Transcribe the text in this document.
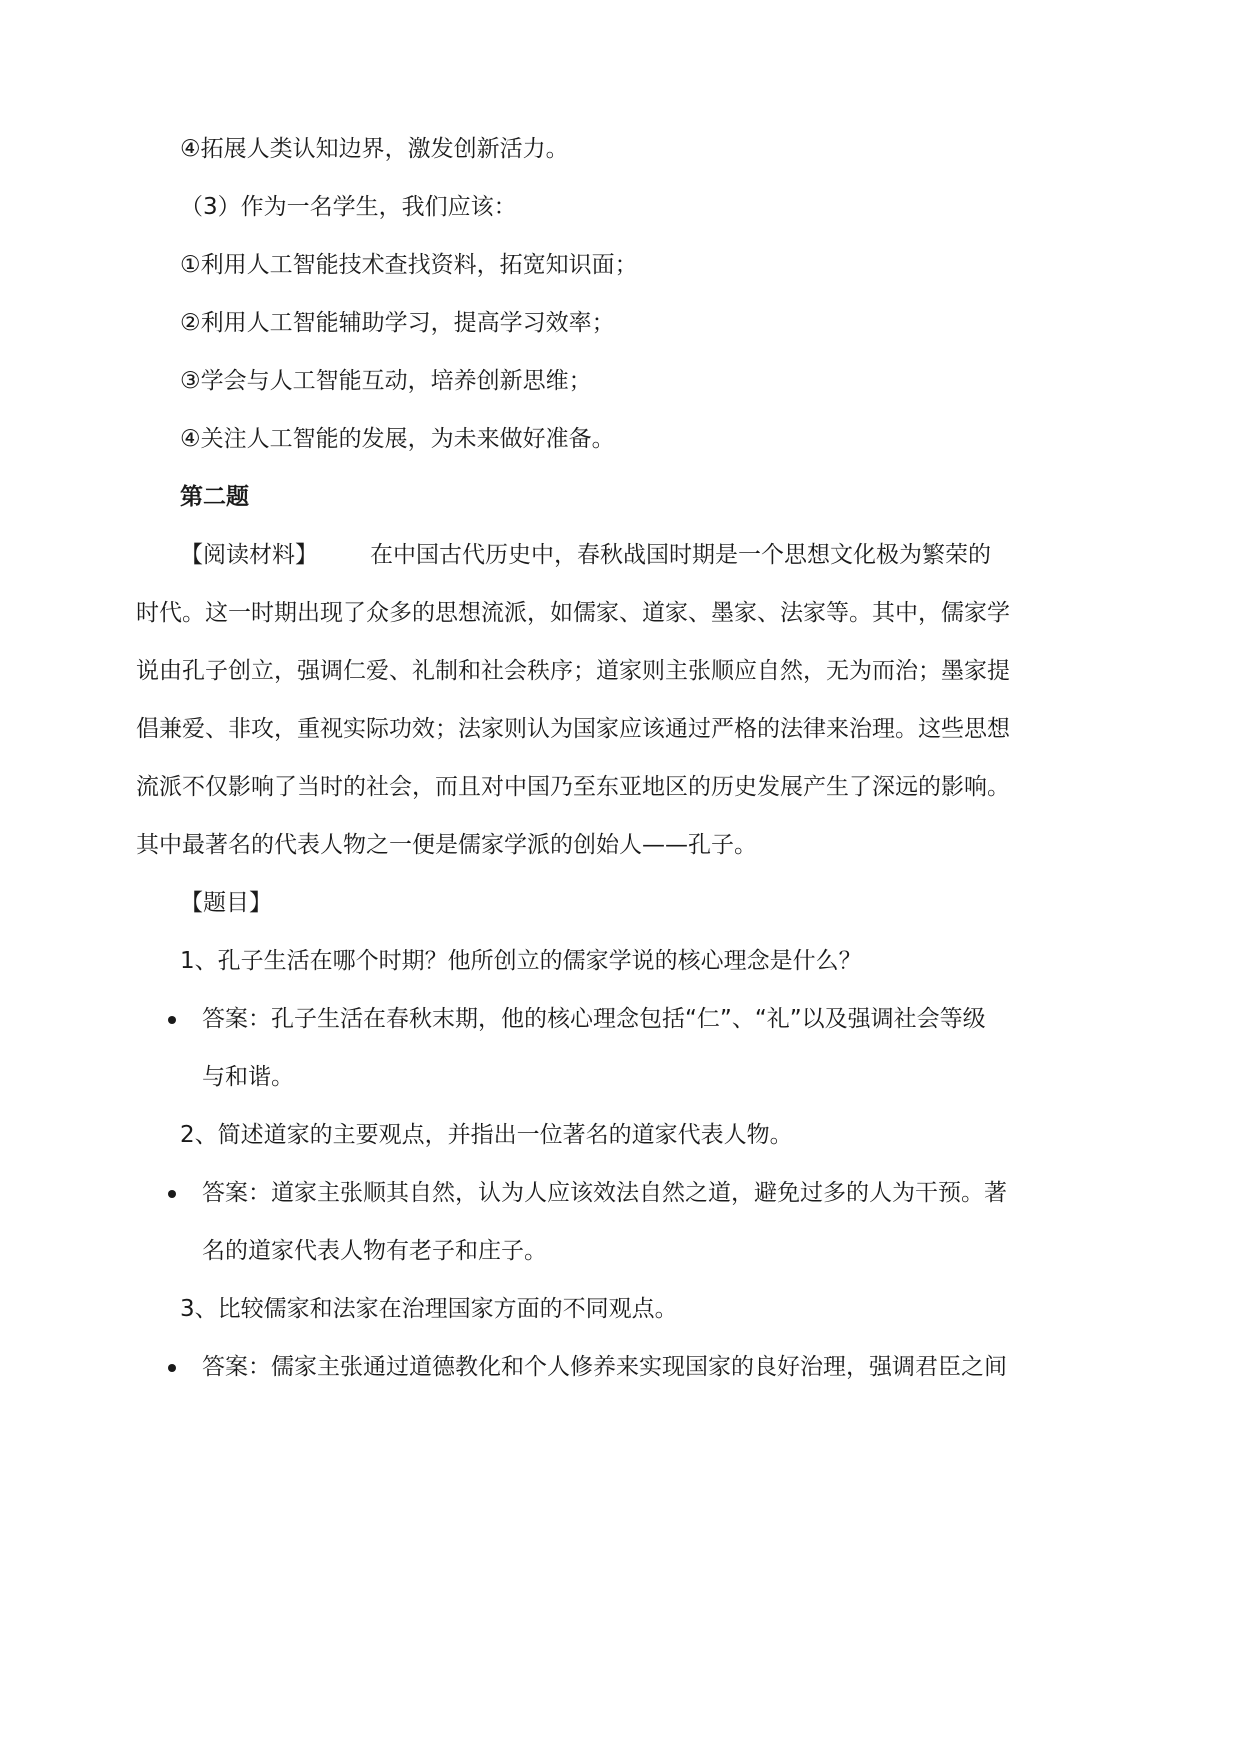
④拓展人类认知边界，激发创新活力。
（3）作为一名学生，我们应该：
①利用人工智能技术查找资料，拓宽知识面；
②利用人工智能辅助学习，提高学习效率；
③学会与人工智能互动，培养创新思维；
④关注人工智能的发展，为未来做好准备。
第二题
【阅读材料】 在中国古代历史中，春秋战国时期是一个思想文化极为繁荣的
时代。这一时期出现了众多的思想流派，如儒家、道家、墨家、法家等。其中，儒家学
说由孔子创立，强调仁爱、礼制和社会秩序；道家则主张顺应自然，无为而治；墨家提
倡兼爱、非攻，重视实际功效；法家则认为国家应该通过严格的法律来治理。这些思想
流派不仅影响了当时的社会，而且对中国乃至东亚地区的历史发展产生了深远的影响。
其中最著名的代表人物之一便是儒家学派的创始人——孔子。
【题目】
1、孔子生活在哪个时期？他所创立的儒家学说的核心理念是什么？
答案：孔子生活在春秋末期，他的核心理念包括“仁”、“礼”以及强调社会等级
与和谐。
2、简述道家的主要观点，并指出一位著名的道家代表人物。
答案：道家主张顺其自然，认为人应该效法自然之道，避免过多的人为干预。著
名的道家代表人物有老子和庄子。
3、比较儒家和法家在治理国家方面的不同观点。
答案：儒家主张通过道德教化和个人修养来实现国家的良好治理，强调君臣之间
